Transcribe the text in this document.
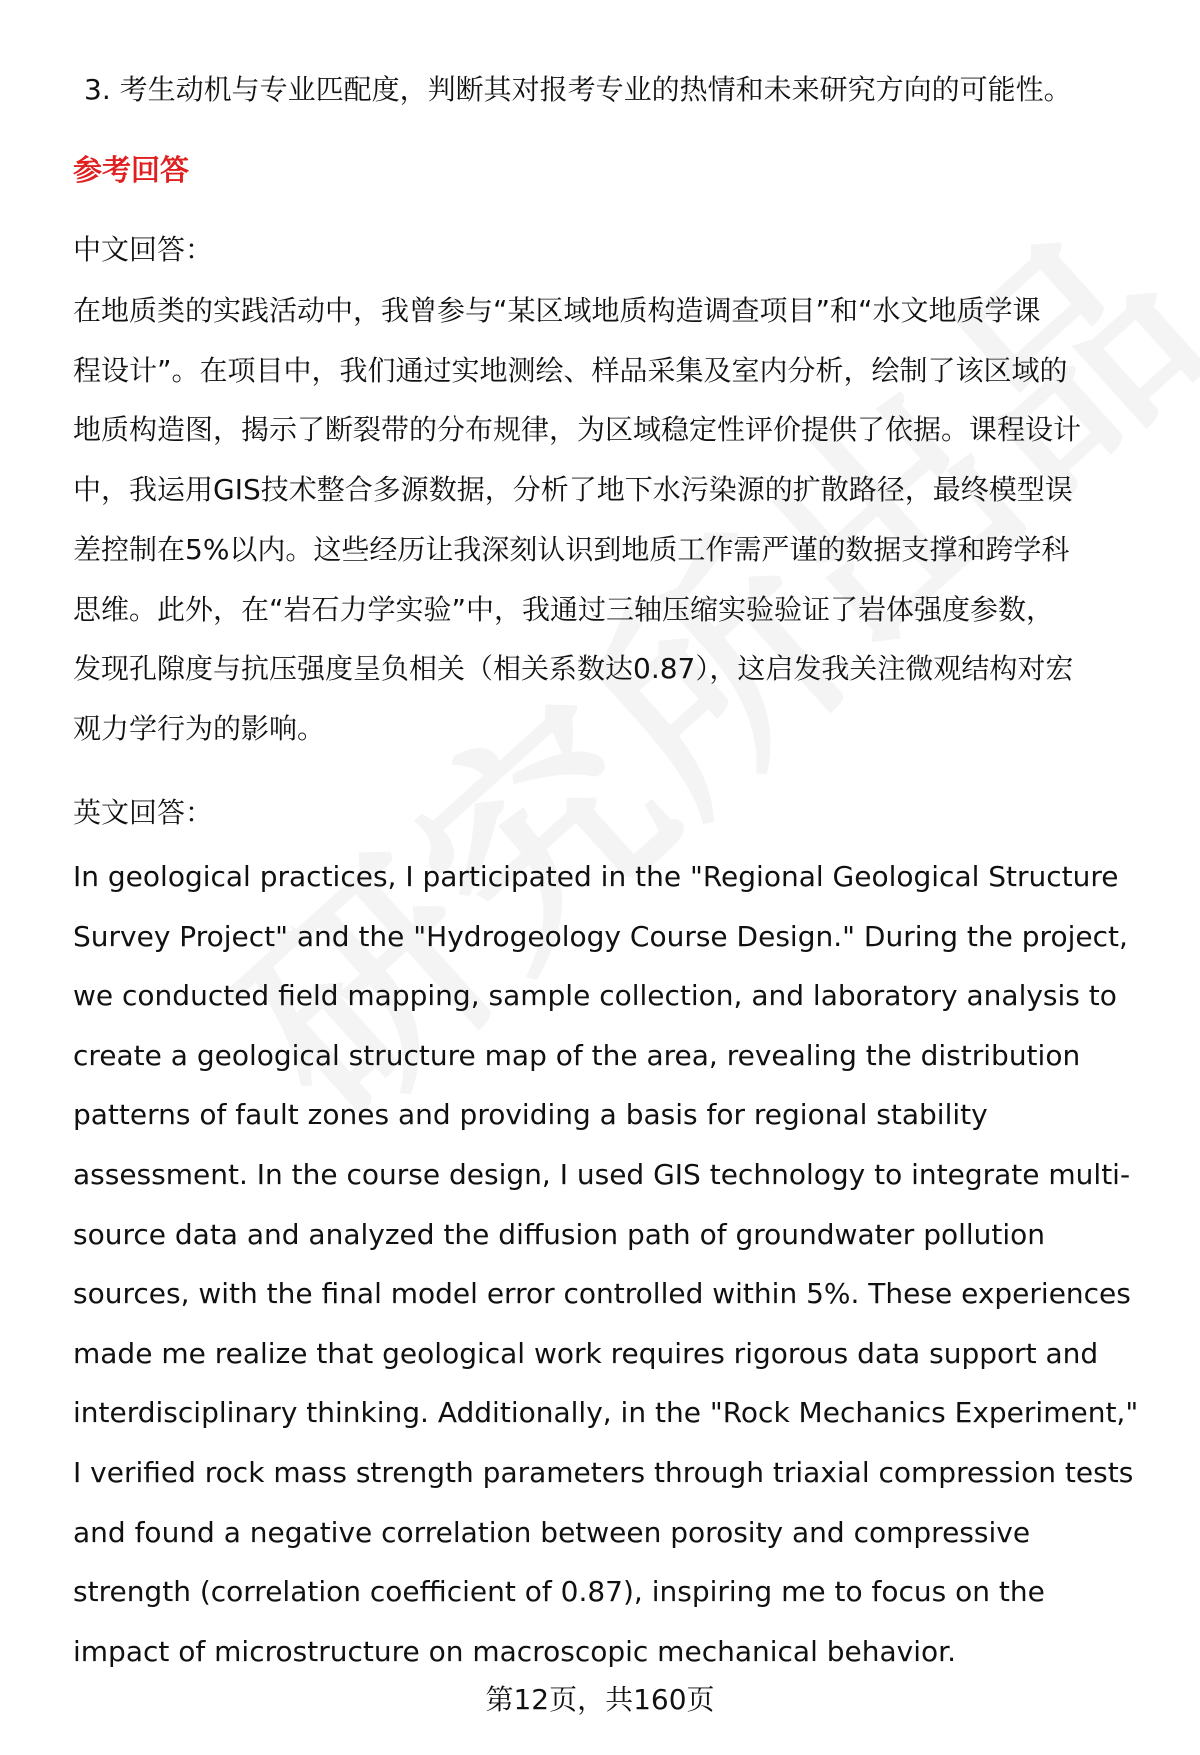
3. 考生动机与专业匹配度，判断其对报考专业的热情和未来研究方向的可能性。
参考回答
中文回答：
在地质类的实践活动中，我曾参与“某区域地质构造调查项目”和“水文地质学课
程设计”。在项目中，我们通过实地测绘、样品采集及室内分析，绘制了该区域的
地质构造图，揭示了断裂带的分布规律，为区域稳定性评价提供了依据。课程设计
中，我运用GIS技术整合多源数据，分析了地下水污染源的扩散路径，最终模型误
差控制在5%以内。这些经历让我深刻认识到地质工作需严谨的数据支撑和跨学科
思维。此外，在“岩石力学实验”中，我通过三轴压缩实验验证了岩体强度参数，
发现孔隙度与抗压强度呈负相关（相关系数达0.87），这启发我关注微观结构对宏
观力学行为的影响。
英文回答：
In geological practices, I participated in the "Regional Geological Structure
Survey Project" and the "Hydrogeology Course Design." During the project,
we conducted field mapping, sample collection, and laboratory analysis to
create a geological structure map of the area, revealing the distribution
patterns of fault zones and providing a basis for regional stability
assessment. In the course design, I used GIS technology to integrate multi-
source data and analyzed the diffusion path of groundwater pollution
sources, with the final model error controlled within 5%. These experiences
made me realize that geological work requires rigorous data support and
interdisciplinary thinking. Additionally, in the "Rock Mechanics Experiment,"
I verified rock mass strength parameters through triaxial compression tests
and found a negative correlation between porosity and compressive
strength (correlation coefficient of 0.87), inspiring me to focus on the
impact of microstructure on macroscopic mechanical behavior.
第12页，共160页
